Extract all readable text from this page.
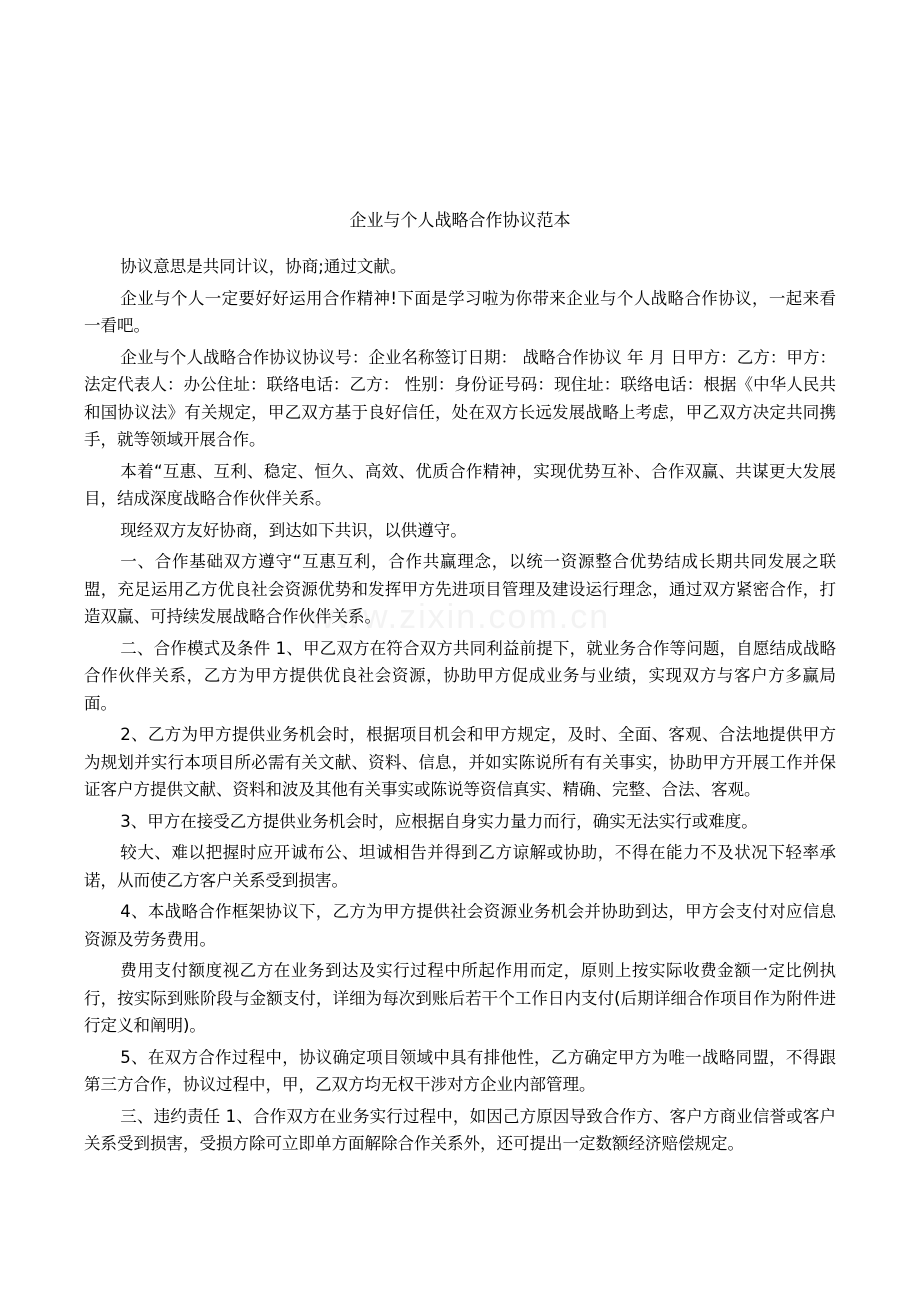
www.zixin.com.cn
企业与个人战略合作协议范本

协议意思是共同计议，协商;通过文献。

企业与个人一定要好好运用合作精神!下面是学习啦为你带来企业与个人战略合作协议，一起来看一看吧。

企业与个人战略合作协议协议号：企业名称签订日期： 战略合作协议 年 月 日甲方：乙方：甲方：法定代表人：办公住址：联络电话：乙方： 性别：身份证号码：现住址：联络电话：根据《中华人民共和国协议法》有关规定，甲乙双方基于良好信任，处在双方长远发展战略上考虑，甲乙双方决定共同携手，就等领域开展合作。

本着“互惠、互利、稳定、恒久、高效、优质合作精神，实现优势互补、合作双赢、共谋更大发展目，结成深度战略合作伙伴关系。

现经双方友好协商，到达如下共识，以供遵守。

一、合作基础双方遵守“互惠互利，合作共赢理念，以统一资源整合优势结成长期共同发展之联盟，充足运用乙方优良社会资源优势和发挥甲方先进项目管理及建设运行理念，通过双方紧密合作，打造双赢、可持续发展战略合作伙伴关系。

二、合作模式及条件 1、甲乙双方在符合双方共同利益前提下，就业务合作等问题，自愿结成战略合作伙伴关系，乙方为甲方提供优良社会资源，协助甲方促成业务与业绩，实现双方与客户方多赢局面。

2、乙方为甲方提供业务机会时，根据项目机会和甲方规定，及时、全面、客观、合法地提供甲方为规划并实行本项目所必需有关文献、资料、信息，并如实陈说所有有关事实，协助甲方开展工作并保证客户方提供文献、资料和波及其他有关事实或陈说等资信真实、精确、完整、合法、客观。

3、甲方在接受乙方提供业务机会时，应根据自身实力量力而行，确实无法实行或难度。

较大、难以把握时应开诚布公、坦诚相告并得到乙方谅解或协助，不得在能力不及状况下轻率承诺，从而使乙方客户关系受到损害。

4、本战略合作框架协议下，乙方为甲方提供社会资源业务机会并协助到达，甲方会支付对应信息资源及劳务费用。

费用支付额度视乙方在业务到达及实行过程中所起作用而定，原则上按实际收费金额一定比例执行，按实际到账阶段与金额支付，详细为每次到账后若干个工作日内支付(后期详细合作项目作为附件进行定义和阐明)。

5、在双方合作过程中，协议确定项目领域中具有排他性，乙方确定甲方为唯一战略同盟，不得跟第三方合作，协议过程中，甲，乙双方均无权干涉对方企业内部管理。

三、违约责任 1、合作双方在业务实行过程中，如因己方原因导致合作方、客户方商业信誉或客户关系受到损害，受损方除可立即单方面解除合作关系外，还可提出一定数额经济赔偿规定。
